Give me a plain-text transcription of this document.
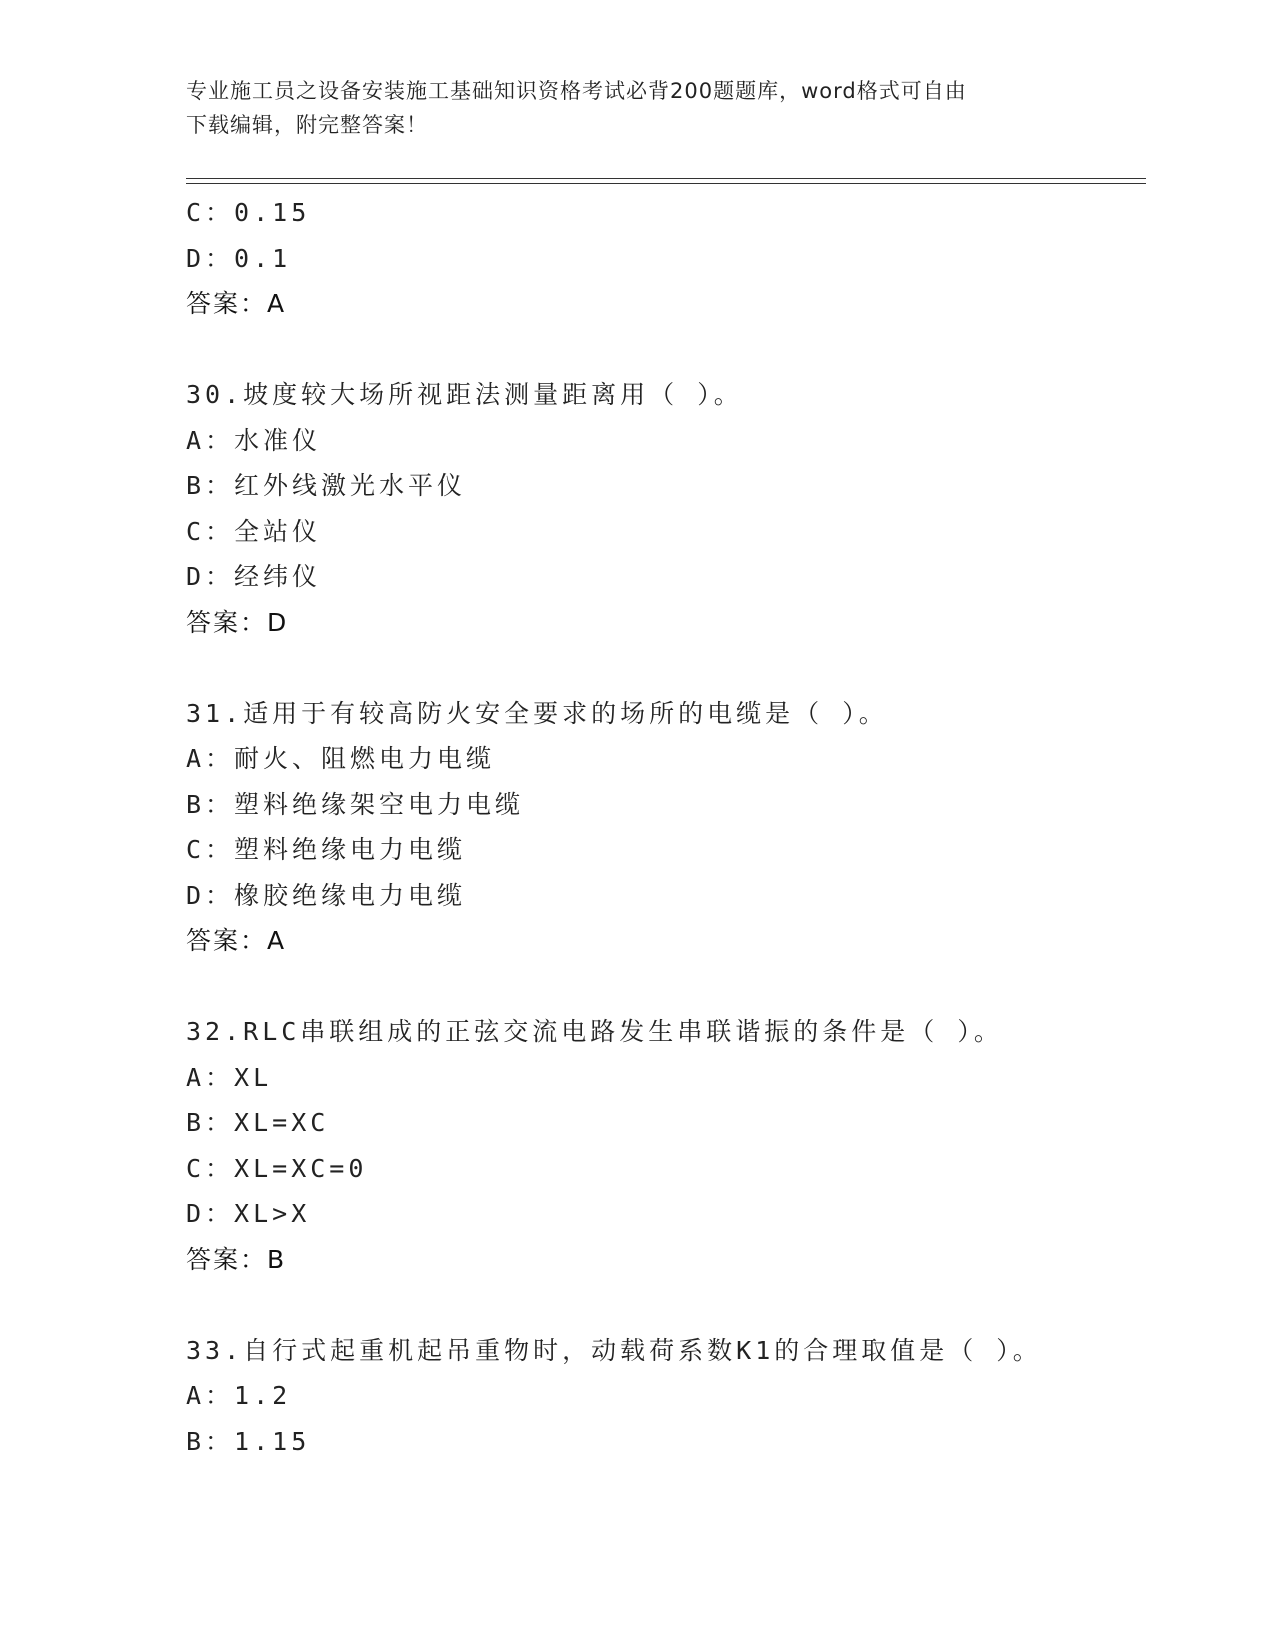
专业施工员之设备安装施工基础知识资格考试必背200题题库，word格式可自由
下载编辑，附完整答案！
C：0.15
D：0.1
答案：A
30.坡度较大场所视距法测量距离用（ ）。
A：水准仪
B：红外线激光水平仪
C：全站仪
D：经纬仪
答案：D
31.适用于有较高防火安全要求的场所的电缆是（ ）。
A：耐火、阻燃电力电缆
B：塑料绝缘架空电力电缆
C：塑料绝缘电力电缆
D：橡胶绝缘电力电缆
答案：A
32.RLC串联组成的正弦交流电路发生串联谐振的条件是（ ）。
A：XL
B：XL=XC
C：XL=XC=0
D：XL>X
答案：B
33.自行式起重机起吊重物时，动载荷系数K1的合理取值是（ ）。
A：1.2
B：1.15
